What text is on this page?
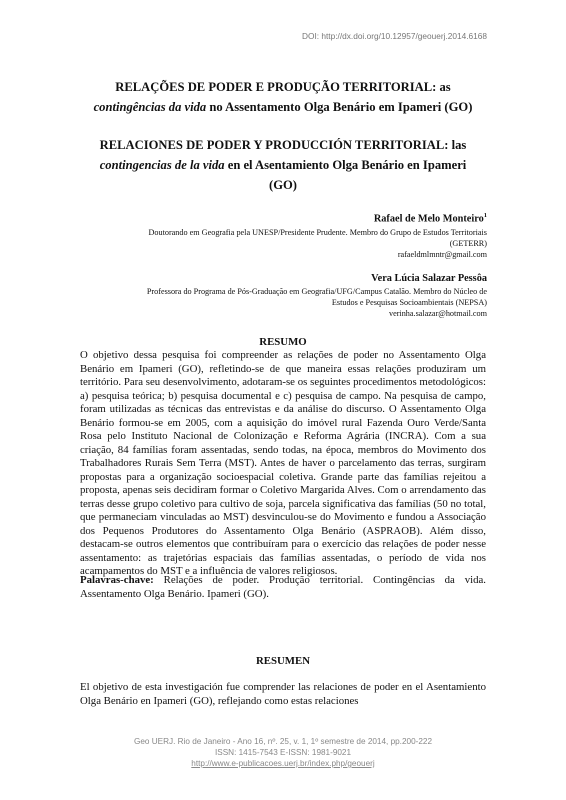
DOI: http://dx.doi.org/10.12957/geouerj.2014.6168
RELAÇÕES DE PODER E PRODUÇÃO TERRITORIAL: as
contingências da vida no Assentamento Olga Benário em Ipameri (GO)
RELACIONES DE PODER Y PRODUCCIÓN TERRITORIAL: las
contingencias de la vida en el Asentamiento Olga Benário en Ipameri
(GO)
Rafael de Melo Monteiro$^1$
Doutorando em Geografia pela UNESP/Presidente Prudente. Membro do Grupo de Estudos Territoriais
(GETERR)
rafaeldmlmntr@gmail.com
Vera Lúcia Salazar Pessôa
Professora do Programa de Pós-Graduação em Geografia/UFG/Campus Catalão. Membro do Núcleo de
Estudos e Pesquisas Socioambientais (NEPSA)
verinha.salazar@hotmail.com
RESUMO
O objetivo dessa pesquisa foi compreender as relações de poder no Assentamento Olga Benário em Ipameri (GO), refletindo-se de que maneira essas relações produziram um território. Para seu desenvolvimento, adotaram-se os seguintes procedimentos metodológicos: a) pesquisa teórica; b) pesquisa documental e c) pesquisa de campo. Na pesquisa de campo, foram utilizadas as técnicas das entrevistas e da análise do discurso. O Assentamento Olga Benário formou-se em 2005, com a aquisição do imóvel rural Fazenda Ouro Verde/Santa Rosa pelo Instituto Nacional de Colonização e Reforma Agrária (INCRA). Com a sua criação, 84 famílias foram assentadas, sendo todas, na época, membros do Movimento dos Trabalhadores Rurais Sem Terra (MST). Antes de haver o parcelamento das terras, surgiram propostas para a organização socioespacial coletiva. Grande parte das famílias rejeitou a proposta, apenas seis decidiram formar o Coletivo Margarida Alves. Com o arrendamento das terras desse grupo coletivo para cultivo de soja, parcela significativa das famílias (50 no total, que permaneciam vinculadas ao MST) desvinculou-se do Movimento e fundou a Associação dos Pequenos Produtores do Assentamento Olga Benário (ASPRAOB). Além disso, destacam-se outros elementos que contribuíram para o exercício das relações de poder nesse assentamento: as trajetórias espaciais das famílias assentadas, o período de vida nos acampamentos do MST e a influência de valores religiosos.
Palavras-chave: Relações de poder. Produção territorial. Contingências da vida. Assentamento Olga Benário. Ipameri (GO).
RESUMEN
El objetivo de esta investigación fue comprender las relaciones de poder en el Asentamiento Olga Benário en Ipameri (GO), reflejando como estas relaciones
Geo UERJ. Rio de Janeiro - Ano 16, nº. 25, v. 1, 1º semestre de 2014, pp.200-222
ISSN: 1415-7543 E-ISSN: 1981-9021
http://www.e-publicacoes.uerj.br/index.php/geouerj
